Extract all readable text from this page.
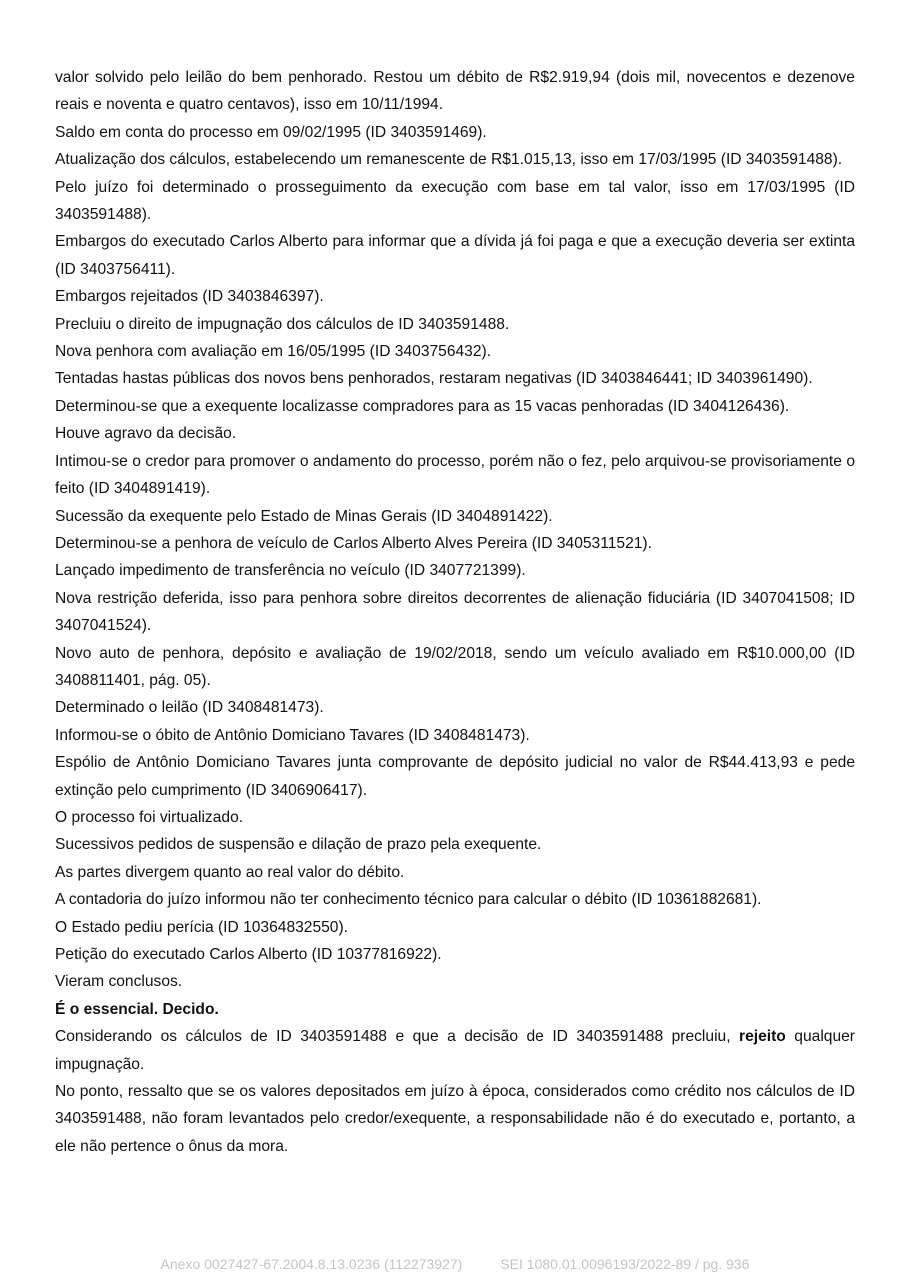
valor solvido pelo leilão do bem penhorado. Restou um débito de R$2.919,94 (dois mil, novecentos e dezenove reais e noventa e quatro centavos), isso em 10/11/1994.

Saldo em conta do processo em 09/02/1995 (ID 3403591469).

Atualização dos cálculos, estabelecendo um remanescente de R$1.015,13, isso em 17/03/1995 (ID 3403591488).

Pelo juízo foi determinado o prosseguimento da execução com base em tal valor, isso em 17/03/1995 (ID 3403591488).

Embargos do executado Carlos Alberto para informar que a dívida já foi paga e que a execução deveria ser extinta (ID 3403756411).

Embargos rejeitados (ID 3403846397).

Precluiu o direito de impugnação dos cálculos de ID 3403591488.

Nova penhora com avaliação em 16/05/1995 (ID 3403756432).

Tentadas hastas públicas dos novos bens penhorados, restaram negativas (ID 3403846441; ID 3403961490).

Determinou-se que a exequente localizasse compradores para as 15 vacas penhoradas (ID 3404126436).

Houve agravo da decisão.

Intimou-se o credor para promover o andamento do processo, porém não o fez, pelo arquivou-se provisoriamente o feito (ID 3404891419).

Sucessão da exequente pelo Estado de Minas Gerais (ID 3404891422).

Determinou-se a penhora de veículo de Carlos Alberto Alves Pereira (ID 3405311521).

Lançado impedimento de transferência no veículo (ID 3407721399).

Nova restrição deferida, isso para penhora sobre direitos decorrentes de alienação fiduciária (ID 3407041508; ID 3407041524).

Novo auto de penhora, depósito e avaliação de 19/02/2018, sendo um veículo avaliado em R$10.000,00 (ID 3408811401, pág. 05).

Determinado o leilão (ID 3408481473).

Informou-se o óbito de Antônio Domiciano Tavares (ID 3408481473).

Espólio de Antônio Domiciano Tavares junta comprovante de depósito judicial no valor de R$44.413,93 e pede extinção pelo cumprimento (ID 3406906417).

O processo foi virtualizado.

Sucessivos pedidos de suspensão e dilação de prazo pela exequente.

As partes divergem quanto ao real valor do débito.

A contadoria do juízo informou não ter conhecimento técnico para calcular o débito (ID 10361882681).

O Estado pediu perícia (ID 10364832550).

Petição do executado Carlos Alberto (ID 10377816922).

Vieram conclusos.

É o essencial. Decido.

Considerando os cálculos de ID 3403591488 e que a decisão de ID 3403591488 precluiu, rejeito qualquer impugnação.

No ponto, ressalto que se os valores depositados em juízo à época, considerados como crédito nos cálculos de ID 3403591488, não foram levantados pelo credor/exequente, a responsabilidade não é do executado e, portanto, a ele não pertence o ônus da mora.

Anexo 0027427-67.2004.8.13.0236 (112273927)	SEI 1080.01.0096193/2022-89 / pg. 936
